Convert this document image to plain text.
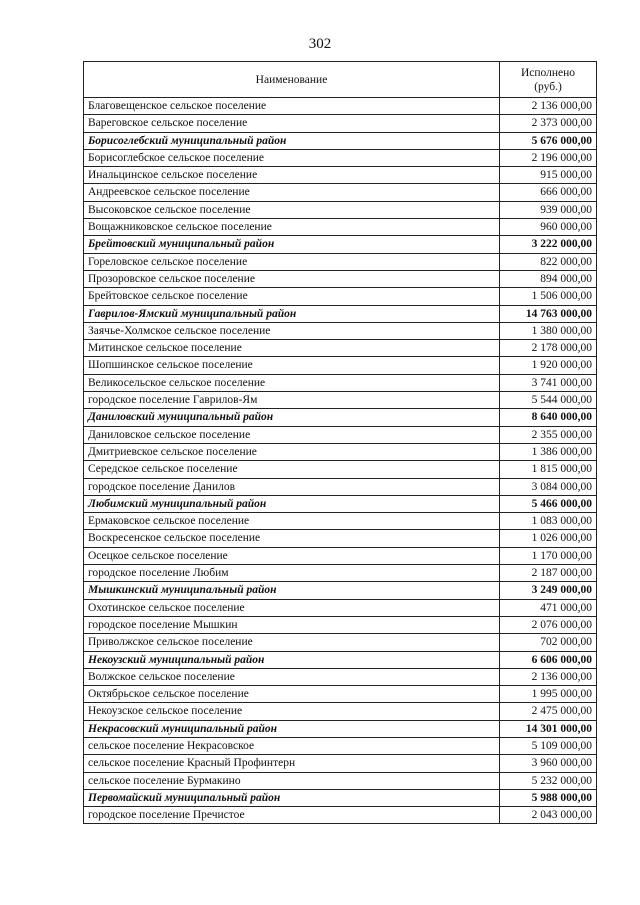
302
Наименование	Исполнено
(руб.)
Благовещенское сельское поселение	2 136 000,00
Вареговское сельское поселение	2 373 000,00
Борисоглебский муниципальный район	5 676 000,00
Борисоглебское сельское поселение	2 196 000,00
Инальцинское сельское поселение	915 000,00
Андреевское сельское поселение	666 000,00
Высоковское сельское поселение	939 000,00
Вощажниковское сельское поселение	960 000,00
Брейтовский муниципальный район	3 222 000,00
Гореловское сельское поселение	822 000,00
Прозоровское сельское поселение	894 000,00
Брейтовское сельское поселение	1 506 000,00
Гаврилов-Ямский муниципальный район	14 763 000,00
Заячье-Холмское сельское поселение	1 380 000,00
Митинское сельское поселение	2 178 000,00
Шопшинское сельское поселение	1 920 000,00
Великосельское сельское поселение	3 741 000,00
городское поселение Гаврилов-Ям	5 544 000,00
Даниловский муниципальный район	8 640 000,00
Даниловское сельское поселение	2 355 000,00
Дмитриевское сельское поселение	1 386 000,00
Середское сельское поселение	1 815 000,00
городское поселение Данилов	3 084 000,00
Любимский муниципальный район	5 466 000,00
Ермаковское сельское поселение	1 083 000,00
Воскресенское сельское поселение	1 026 000,00
Осецкое сельское поселение	1 170 000,00
городское поселение Любим	2 187 000,00
Мышкинский муниципальный район	3 249 000,00
Охотинское сельское поселение	471 000,00
городское поселение Мышкин	2 076 000,00
Приволжское сельское поселение	702 000,00
Некоузский муниципальный район	6 606 000,00
Волжское сельское поселение	2 136 000,00
Октябрьское сельское поселение	1 995 000,00
Некоузское сельское поселение	2 475 000,00
Некрасовский муниципальный район	14 301 000,00
сельское поселение Некрасовское	5 109 000,00
сельское поселение Красный Профинтерн	3 960 000,00
сельское поселение Бурмакино	5 232 000,00
Первомайский муниципальный район	5 988 000,00
городское поселение Пречистое	2 043 000,00
